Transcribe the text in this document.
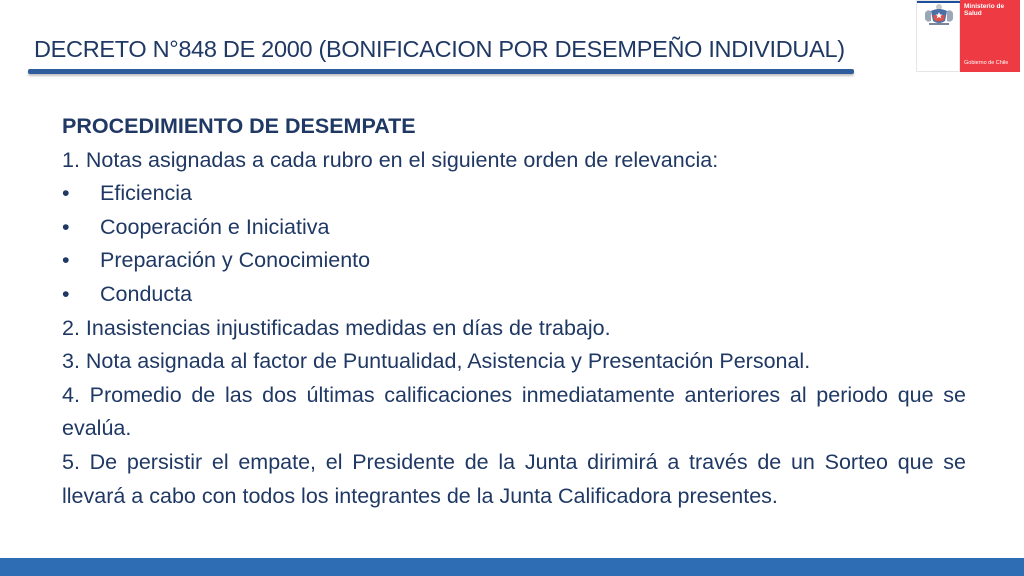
DECRETO N°848 DE 2000 (BONIFICACION POR DESEMPEÑO INDIVIDUAL)
Ministerio de Salud
Gobierno de Chile
PROCEDIMIENTO DE DESEMPATE
1. Notas asignadas a cada rubro en el siguiente orden de relevancia:
•	Eficiencia
•	Cooperación e Iniciativa
•	Preparación y Conocimiento
•	Conducta
2. Inasistencias injustificadas medidas en días de trabajo.
3. Nota asignada al factor de Puntualidad, Asistencia y Presentación Personal.
4. Promedio de las dos últimas calificaciones inmediatamente anteriores al periodo que se evalúa.
5. De persistir el empate, el Presidente de la Junta dirimirá a través de un Sorteo que se llevará a cabo con todos los integrantes de la Junta Calificadora presentes.
